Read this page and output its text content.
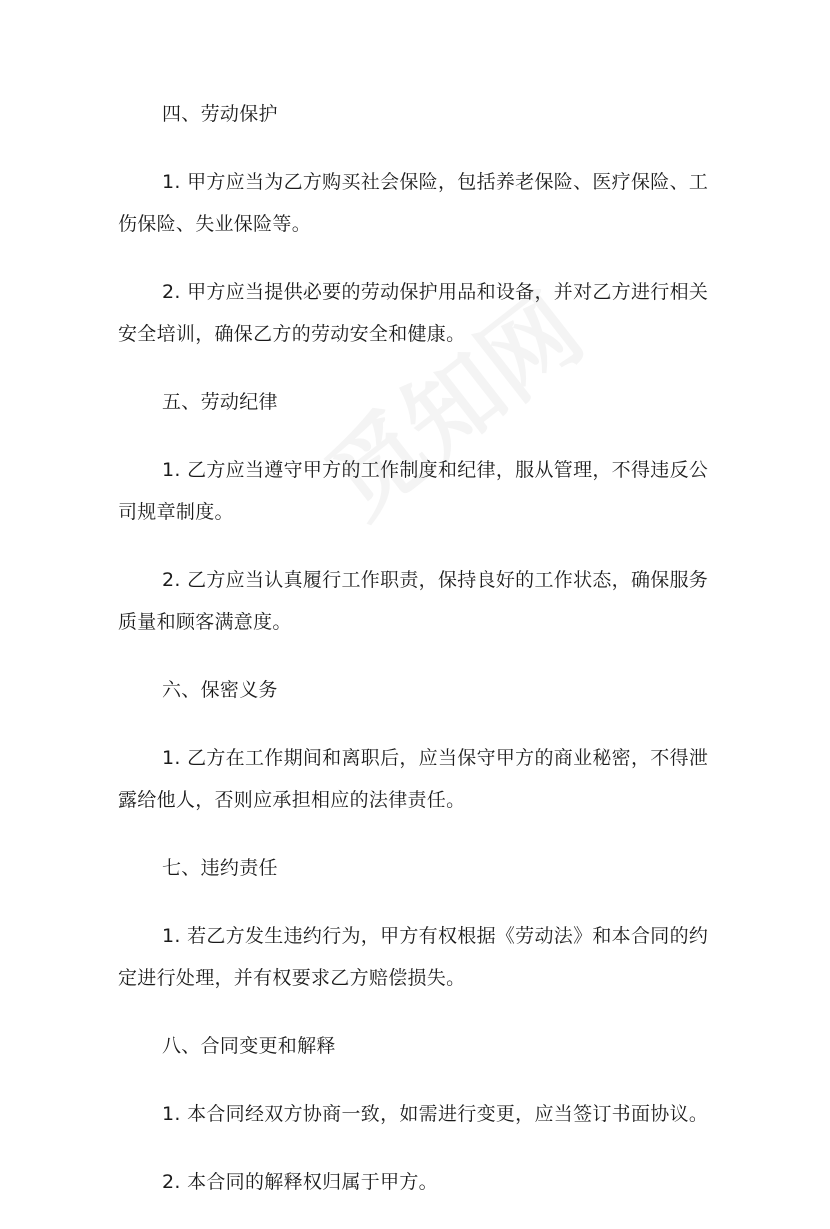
四、劳动保护

1. 甲方应当为乙方购买社会保险，包括养老保险、医疗保险、工伤保险、失业保险等。

2. 甲方应当提供必要的劳动保护用品和设备，并对乙方进行相关安全培训，确保乙方的劳动安全和健康。

五、劳动纪律

1. 乙方应当遵守甲方的工作制度和纪律，服从管理，不得违反公司规章制度。

2. 乙方应当认真履行工作职责，保持良好的工作状态，确保服务质量和顾客满意度。

六、保密义务

1. 乙方在工作期间和离职后，应当保守甲方的商业秘密，不得泄露给他人，否则应承担相应的法律责任。

七、违约责任

1. 若乙方发生违约行为，甲方有权根据《劳动法》和本合同的约定进行处理，并有权要求乙方赔偿损失。

八、合同变更和解释

1. 本合同经双方协商一致，如需进行变更，应当签订书面协议。

2. 本合同的解释权归属于甲方。
